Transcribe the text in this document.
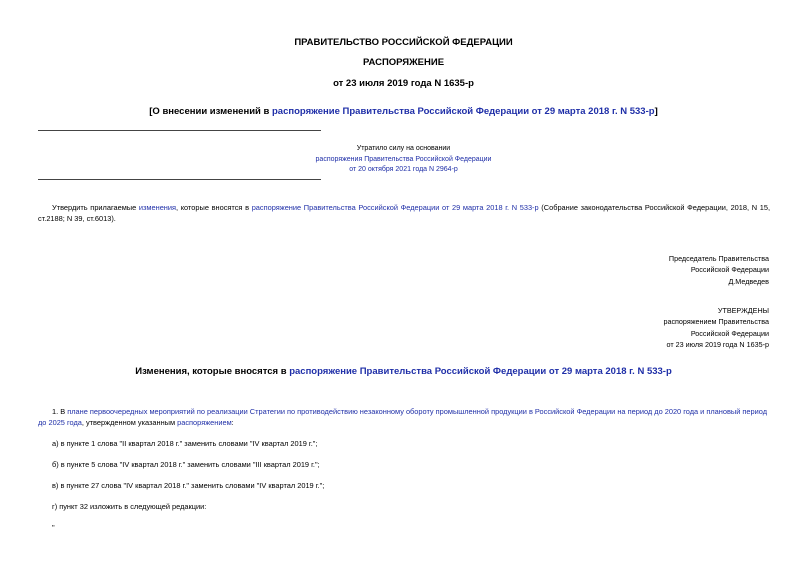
ПРАВИТЕЛЬСТВО РОССИЙСКОЙ ФЕДЕРАЦИИ
РАСПОРЯЖЕНИЕ
от 23 июля 2019 года N 1635-р
[О внесении изменений в распоряжение Правительства Российской Федерации от 29 марта 2018 г. N 533-р]
Утратило силу на основании
распоряжения Правительства Российской Федерации
от 20 октября 2021 года N 2964-р
Утвердить прилагаемые изменения, которые вносятся в распоряжение Правительства Российской Федерации от 29 марта 2018 г. N 533-р (Собрание законодательства Российской Федерации, 2018, N 15, ст.2188; N 39, ст.6013).
Председатель Правительства
Российской Федерации
Д.Медведев
УТВЕРЖДЕНЫ
распоряжением Правительства
Российской Федерации
от 23 июля 2019 года N 1635-р
Изменения, которые вносятся в распоряжение Правительства Российской Федерации от 29 марта 2018 г. N 533-р
1. В плане первоочередных мероприятий по реализации Стратегии по противодействию незаконному обороту промышленной продукции в Российской Федерации на период до 2020 года и плановый период до 2025 года, утвержденном указанным распоряжением:
а) в пункте 1 слова "II квартал 2018 г." заменить словами "IV квартал 2019 г.";
б) в пункте 5 слова "IV квартал 2018 г." заменить словами "III квартал 2019 г.";
в) в пункте 27 слова "IV квартал 2018 г." заменить словами "IV квартал 2019 г.";
г) пункт 32 изложить в следующей редакции:
"
